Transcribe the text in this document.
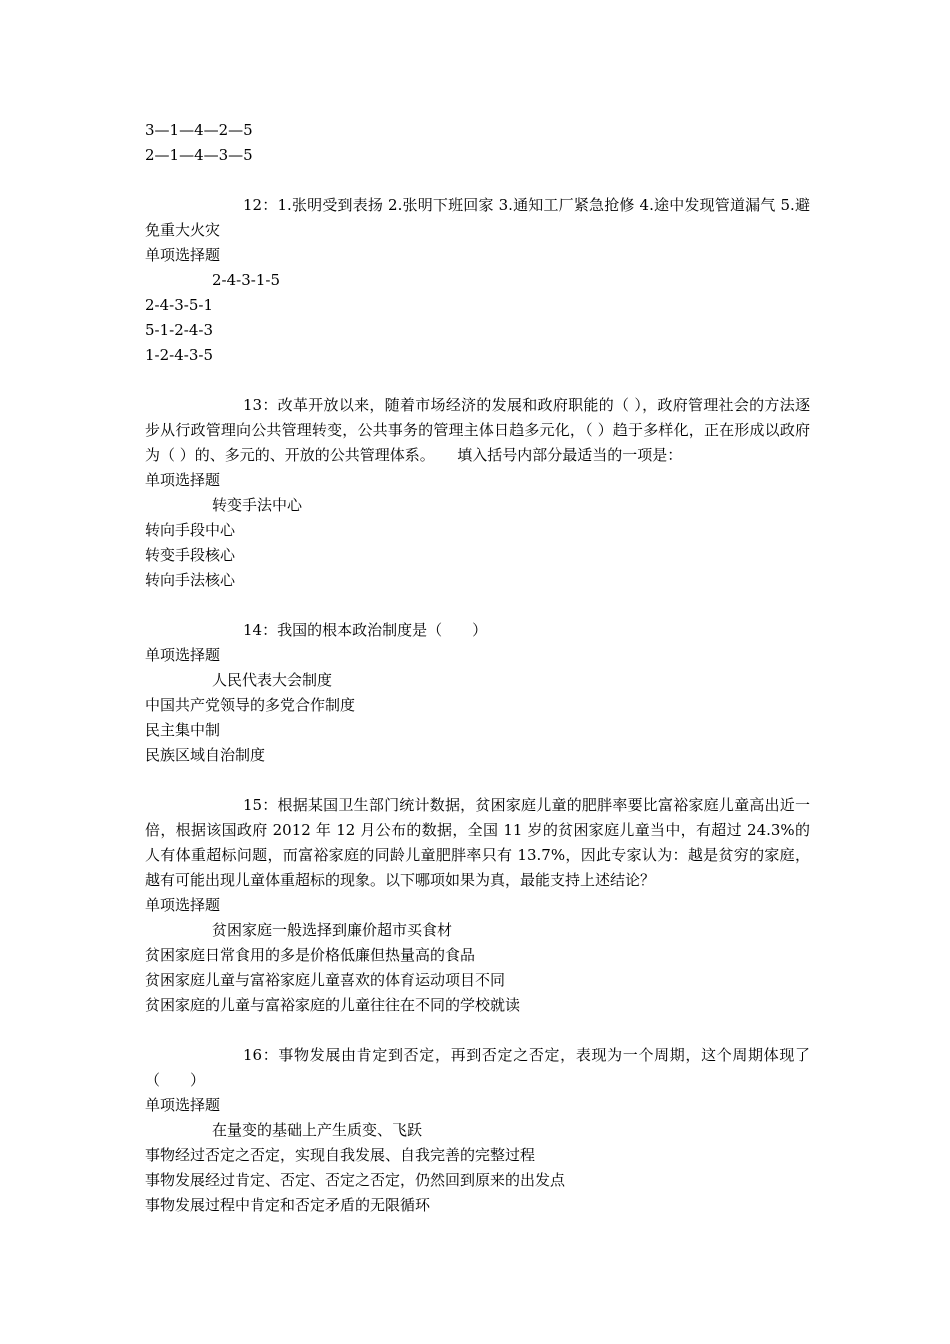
3—1—4—2—5
2—1—4—3—5
12：1.张明受到表扬 2.张明下班回家 3.通知工厂紧急抢修 4.途中发现管道漏气 5.避免重大火灾
单项选择题
2-4-3-1-5
2-4-3-5-1
5-1-2-4-3
1-2-4-3-5
13：改革开放以来，随着市场经济的发展和政府职能的（ ），政府管理社会的方法逐步从行政管理向公共管理转变，公共事务的管理主体日趋多元化，（ ）趋于多样化，正在形成以政府为（ ）的、多元的、开放的公共管理体系。　　填入括号内部分最适当的一项是：
单项选择题
转变手法中心
转向手段中心
转变手段核心
转向手法核心
14：我国的根本政治制度是（　　）
单项选择题
人民代表大会制度
中国共产党领导的多党合作制度
民主集中制
民族区域自治制度
15：根据某国卫生部门统计数据，贫困家庭儿童的肥胖率要比富裕家庭儿童高出近一倍，根据该国政府 2012 年 12 月公布的数据，全国 11 岁的贫困家庭儿童当中，有超过 24.3%的人有体重超标问题，而富裕家庭的同龄儿童肥胖率只有 13.7%，因此专家认为：越是贫穷的家庭，越有可能出现儿童体重超标的现象。以下哪项如果为真，最能支持上述结论？
单项选择题
贫困家庭一般选择到廉价超市买食材
贫困家庭日常食用的多是价格低廉但热量高的食品
贫困家庭儿童与富裕家庭儿童喜欢的体育运动项目不同
贫困家庭的儿童与富裕家庭的儿童往往在不同的学校就读
16：事物发展由肯定到否定，再到否定之否定，表现为一个周期，这个周期体现了（　　）
单项选择题
在量变的基础上产生质变、飞跃
事物经过否定之否定，实现自我发展、自我完善的完整过程
事物发展经过肯定、否定、否定之否定，仍然回到原来的出发点
事物发展过程中肯定和否定矛盾的无限循环
